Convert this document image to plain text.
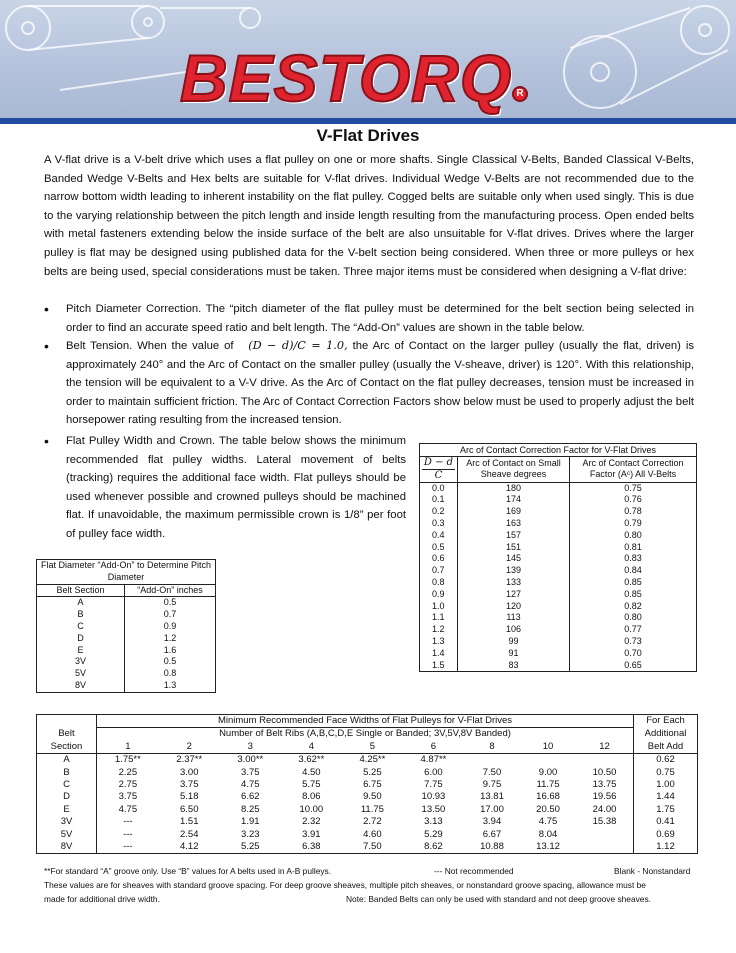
BESTORQ R
V-Flat Drives

A V-flat drive is a V-belt drive which uses a flat pulley on one or more shafts. Single Classical V-Belts, Banded Classical V-Belts, Banded Wedge V-Belts and Hex belts are suitable for V-flat drives. Individual Wedge V-Belts are not recommended due to the narrow bottom width leading to inherent instability on the flat pulley. Cogged belts are suitable only when used singly. This is due to the varying relationship between the pitch length and inside length resulting from the manufacturing process. Open ended belts with metal fasteners extending below the inside surface of the belt are also unsuitable for V-flat drives. Drives where the larger pulley is flat may be designed using published data for the V-belt section being considered. When three or more pulleys or hex belts are being used, special considerations must be taken. Three major items must be considered when designing a V-flat drive:

•	Pitch Diameter Correction. The “pitch diameter of the flat pulley must be determined for the belt section being selected in order to find an accurate speed ratio and belt length. The “Add-On” values are shown in the table below.
•	Belt Tension. When the value of (D − d)/C = 1.0, the Arc of Contact on the larger pulley (usually the flat, driven) is approximately 240° and the Arc of Contact on the smaller pulley (usually the V-sheave, driver) is 120°. With this relationship, the tension will be equivalent to a V-V drive. As the Arc of Contact on the flat pulley decreases, tension must be increased in order to maintain sufficient friction. The Arc of Contact Correction Factors show below must be used to properly adjust the belt horsepower rating resulting from the increased tension.
•	Flat Pulley Width and Crown. The table below shows the minimum recommended flat pulley widths. Lateral movement of belts (tracking) requires the additional face width. Flat pulleys should be used whenever possible and crowned pulleys should be machined flat. If unavoidable, the maximum permissible crown is 1/8” per foot of pulley face width.
Arc of Contact Correction Factor for V-Flat Drives		
D − d
C	Arc of Contact on Small Sheave degrees	Arc of Contact Correction Factor (Aᶜ) All V-Belts
0.0	180	0.75
0.1	174	0.76
0.2	169	0.78
0.3	163	0.79
0.4	157	0.80
0.5	151	0.81
0.6	145	0.83
0.7	139	0.84
0.8	133	0.85
0.9	127	0.85
1.0	120	0.82
1.1	113	0.80
1.2	106	0.77
1.3	99	0.73
1.4	91	0.70
1.5	83	0.65
Flat Diameter “Add-On” to Determine Pitch Diameter	
Belt Section	“Add-On” inches
A	0.5
B	0.7
C	0.9
D	1.2
E	1.6
3V	0.5
5V	0.8
8V	1.3
	Minimum Recommended Face Widths of Flat Pulleys for V-Flat Drives									For Each
Belt	Number of Belt Ribs (A,B,C,D,E Single or Banded; 3V,5V,8V Banded)									Additional
Section	1	2	3	4	5	6	8	10	12	Belt Add
A	1.75**	2.37**	3.00**	3.62**	4.25**	4.87**				0.62
B	2.25	3.00	3.75	4.50	5.25	6.00	7.50	9.00	10.50	0.75
C	2.75	3.75	4.75	5.75	6.75	7.75	9.75	11.75	13.75	1.00
D	3.75	5.18	6.62	8.06	9.50	10.93	13.81	16.68	19.56	1.44
E	4.75	6.50	8.25	10.00	11.75	13.50	17.00	20.50	24.00	1.75
3V	---	1.51	1.91	2.32	2.72	3.13	3.94	4.75	15.38	0.41
5V	---	2.54	3.23	3.91	4.60	5.29	6.67	8.04		0.69
8V	---	4.12	5.25	6.38	7.50	8.62	10.88	13.12		1.12
**For standard “A” groove only. Use “B” values for A belts used in A-B pulleys.	--- Not recommended	Blank - Nonstandard
These values are for sheaves with standard groove spacing. For deep groove sheaves, multiple pitch sheaves, or nonstandard groove spacing, allowance must be
made for additional drive width.	Note: Banded Belts can only be used with standard and not deep groove sheaves.
